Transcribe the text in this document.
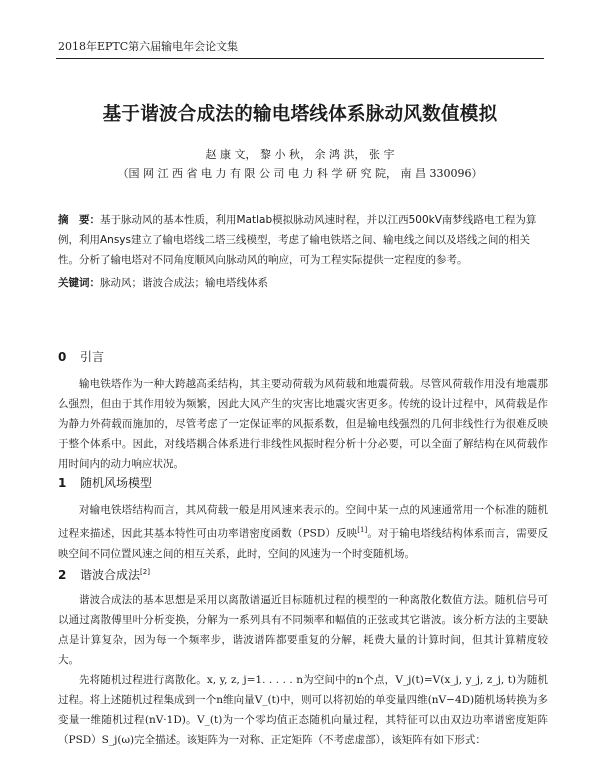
2018年EPTC第六届输电年会论文集
基于谐波合成法的输电塔线体系脉动风数值模拟
赵 康 文， 黎 小 秋， 余 鸿 洪， 张 宇
（国 网 江 西 省 电 力 有 限 公 司 电 力 科 学 研 究 院， 南 昌 330096）
摘　要：基于脉动风的基本性质，利用Matlab模拟脉动风速时程，并以江西500kV南梦线路电工程为算例，利用Ansys建立了输电塔线二塔三线模型，考虑了输电铁塔之间、输电线之间以及塔线之间的相关性。分析了输电塔对不同角度顺风向脉动风的响应，可为工程实际提供一定程度的参考。
关键词：脉动风；谐波合成法；输电塔线体系
0 引言
输电铁塔作为一种大跨越高柔结构，其主要动荷载为风荷载和地震荷载。尽管风荷载作用没有地震那么强烈，但由于其作用较为频繁，因此大风产生的灾害比地震灾害更多。传统的设计过程中，风荷载是作为静力外荷载而施加的，尽管考虑了一定保证率的风振系数，但是输电线强烈的几何非线性行为很难反映于整个体系中。因此，对线塔耦合体系进行非线性风振时程分析十分必要，可以全面了解结构在风荷载作用时间内的动力响应状况。
1 随机风场模型
对输电铁塔结构而言，其风荷载一般是用风速来表示的。空间中某一点的风速通常用一个标准的随机过程来描述，因此其基本特性可由功率谱密度函数（PSD）反映[1]。对于输电塔线结构体系而言，需要反映空间不同位置风速之间的相互关系，此时，空间的风速为一个时变随机场。
2 谐波合成法[2]
谐波合成法的基本思想是采用以离散谱逼近目标随机过程的模型的一种离散化数值方法。随机信号可以通过离散傅里叶分析变换，分解为一系列具有不同频率和幅值的正弦或其它谐波。该分析方法的主要缺点是计算复杂，因为每一个频率步，谐波谱阵都要重复的分解，耗费大量的计算时间，但其计算精度较大。
先将随机过程进行离散化。x, y, z, j=1. . . . . n为空间中的n个点，V_j(t)=V(x_j, y_j, z_j, t)为随机过程。将上述随机过程集成到一个n维向量V_(t)中，则可以将初始的单变量四维(nV−4D)随机场转换为多变量一维随机过程(nV·1D)。V_(t)为一个零均值正态随机向量过程，其特征可以由双边功率谱密度矩阵（PSD）S_j(ω)完全描述。该矩阵为一对称、正定矩阵（不考虑虚部），该矩阵有如下形式：
